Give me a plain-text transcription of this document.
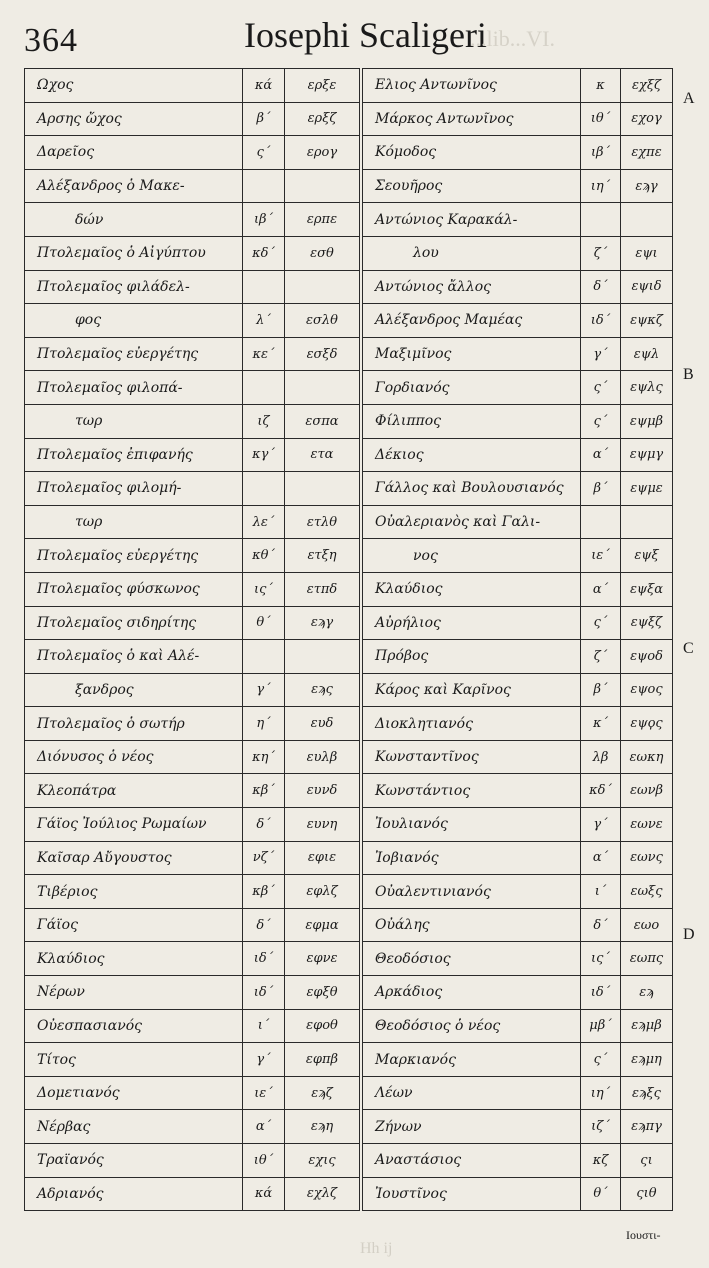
364	Iosephi Scaligeri
...lib...VI.
Ωχος	κά	ερξε
Αρσης ὤχος	β΄	ερξζ
Δαρεῖος	ς΄	ερογ
Αλέξανδρος ὁ Μακε-		
δών	ιβ΄	ερπε
Πτολεμαῖος ὁ Αἰγύπτου	κδ΄	εσθ
Πτολεμαῖος φιλάδελ-		
φος	λ΄	εσλθ
Πτολεμαῖος εὐεργέτης	κε΄	εσξδ
Πτολεμαῖος φιλοπά-		
τωρ	ιζ	εσπα
Πτολεμαῖος ἐπιφανής	κγ΄	ετα
Πτολεμαῖος φιλομή-		
τωρ	λε΄	ετλθ
Πτολεμαῖος εὐεργέτης	κθ΄	ετξη
Πτολεμαῖος φύσκωνος	ις΄	ετπδ
Πτολεμαῖος σιδηρίτης	θ΄	εϡγ
Πτολεμαῖος ὁ καὶ Αλέ-		
ξανδρος	γ΄	εϡς
Πτολεμαῖος ὁ σωτήρ	η΄	ευδ
Διόνυσος ὁ νέος	κη΄	ευλβ
Κλεοπάτρα	κβ΄	ευνδ
Γάϊος Ἰούλιος Ρωμαίων	δ΄	ευνη
Καῖσαρ Αὔγουστος	νζ΄	εφιε
Τιβέριος	κβ΄	εφλζ
Γάϊος	δ΄	εφμα
Κλαύδιος	ιδ΄	εφνε
Νέρων	ιδ΄	εφξθ
Οὐεσπασιανός	ι΄	εφοθ
Τίτος	γ΄	εφπβ
Δομετιανός	ιε΄	εϡζ
Νέρβας	α΄	εϡη
Τραϊανός	ιθ΄	εχις
Αδριανός	κά	εχλζ
Ελιος Αντωνῖνος	κ	εχξζ
Μάρκος Αντωνῖνος	ιθ΄	εχογ
Κόμοδος	ιβ΄	εχπε
Σεουῆρος	ιη΄	εϡγ
Αντώνιος Καρακάλ-		
λου	ζ΄	εψι
Αντώνιος ἄλλος	δ΄	εψιδ
Αλέξανδρος Μαμέας	ιδ΄	εψκζ
Μαξιμῖνος	γ΄	εψλ
Γορδιανός	ς΄	εψλς
Φίλιππος	ς΄	εψμβ
Δέκιος	α΄	εψμγ
Γάλλος καὶ Βουλουσιανός	β΄	εψμε
Οὐαλεριανὸς καὶ Γαλι-		
νος	ιε΄	εψξ
Κλαύδιος	α΄	εψξα
Αὐρήλιος	ς΄	εψξζ
Πρόβος	ζ΄	εψοδ
Κάρος καὶ Καρῖνος	β΄	εψος
Διοκλητιανός	κ΄	εψϙς
Κωνσταντῖνος	λβ	εωκη
Κωνστάντιος	κδ΄	εωνβ
Ἰουλιανός	γ΄	εωνε
Ἰοβιανός	α΄	εωνς
Οὐαλεντινιανός	ι΄	εωξς
Οὐάλης	δ΄	εωο
Θεοδόσιος	ις΄	εωπς
Αρκάδιος	ιδ΄	εϡ
Θεοδόσιος ὁ νέος	μβ΄	εϡμβ
Μαρκιανός	ς΄	εϡμη
Λέων	ιη΄	εϡξς
Ζήνων	ιζ΄	εϡπγ
Αναστάσιος	κζ	ςι
Ἰουστῖνος	θ΄	ςιθ
A
B
C
D
Hh ij
Ιουστι-
